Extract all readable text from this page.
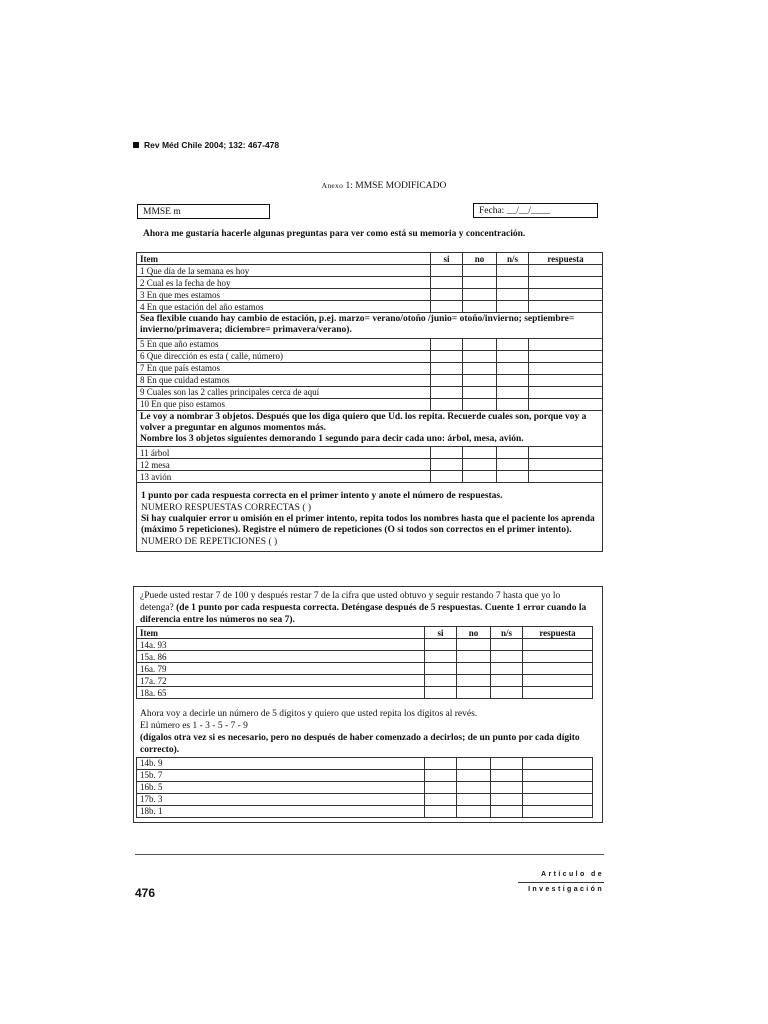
Rev Méd Chile 2004; 132: 467-478
Anexo 1: MMSE MODIFICADO
MMSE m	Fecha: __/__/____
Ahora me gustaría hacerle algunas preguntas para ver como está su memoria y concentración.
Item	si	no	n/s	respuesta
1 Que día de la semana es hoy				
2 Cual es la fecha de hoy				
3 En que mes estamos				
4 En que estación del año estamos				
Sea flexible cuando hay cambio de estación, p.ej. marzo= verano/otoño /junio= otoño/invierno; septiembre= invierno/primavera; diciembre= primavera/verano).				
5 En que año estamos				
6 Que dirección es esta ( calle, número)				
7 En que país estamos				
8 En que cuidad estamos				
9 Cuales son las 2 calles principales cerca de aquí				
10 En que piso estamos				

Le voy a nombrar 3 objetos. Después que los diga quiero que Ud. los repita. Recuerde cuales son, porque voy a volver a preguntar en algunos momentos más.
Nombre los 3 objetos siguientes demorando 1 segundo para decir cada uno: árbol, mesa, avión.				

11 árbol				
12 mesa				
13 avión				

1 punto por cada respuesta correcta en el primer intento y anote el número de respuestas.
NUMERO RESPUESTAS CORRECTAS ( )
Si hay cualquier error u omisión en el primer intento, repita todos los nombres hasta que el paciente los aprenda (máximo 5 repeticiones). Registre el número de repeticiones (O si todos son correctos en el primer intento).
NUMERO DE REPETICIONES ( )				
¿Puede usted restar 7 de 100 y después restar 7 de la cifra que usted obtuvo y seguir restando 7 hasta que yo lo detenga? (de 1 punto por cada respuesta correcta. Deténgase después de 5 respuestas. Cuente 1 error cuando la diferencia entre los números no sea 7).
Item	si	no	n/s	respuesta
14a. 93				
15a. 86				
16a. 79				
17a. 72				
18a. 65				
Ahora voy a decirle un número de 5 dígitos y quiero que usted repita los dígitos al revés.
El número es 1 - 3 - 5 - 7 - 9
(dígalos otra vez si es necesario, pero no después de haber comenzado a decirlos; de un punto por cada dígito correcto).
14b. 9				
15b. 7				
16b. 5				
17b. 3				
18b. 1				
476
Artículo de
Investigación
